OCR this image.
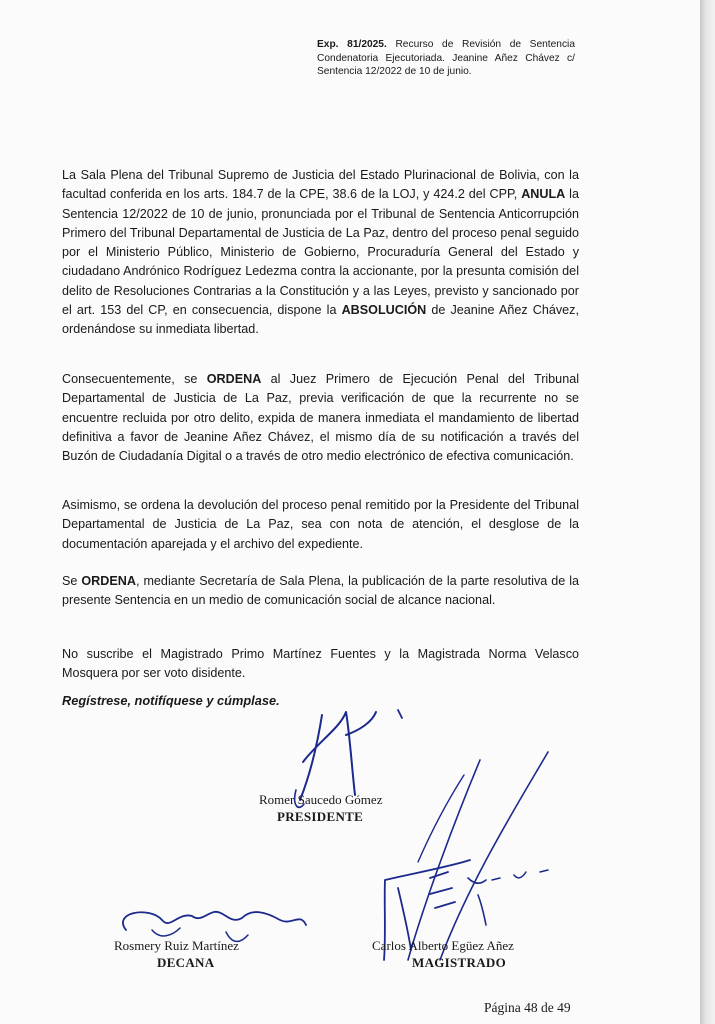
Exp. 81/2025. Recurso de Revisión de Sentencia Condenatoria Ejecutoriada. Jeanine Añez Chávez c/ Sentencia 12/2022 de 10 de junio.
La Sala Plena del Tribunal Supremo de Justicia del Estado Plurinacional de Bolivia, con la facultad conferida en los arts. 184.7 de la CPE, 38.6 de la LOJ, y 424.2 del CPP, ANULA la Sentencia 12/2022 de 10 de junio, pronunciada por el Tribunal de Sentencia Anticorrupción Primero del Tribunal Departamental de Justicia de La Paz, dentro del proceso penal seguido por el Ministerio Público, Ministerio de Gobierno, Procuraduría General del Estado y ciudadano Andrónico Rodríguez Ledezma contra la accionante, por la presunta comisión del delito de Resoluciones Contrarias a la Constitución y a las Leyes, previsto y sancionado por el art. 153 del CP, en consecuencia, dispone la ABSOLUCIÓN de Jeanine Añez Chávez, ordenándose su inmediata libertad.
Consecuentemente, se ORDENA al Juez Primero de Ejecución Penal del Tribunal Departamental de Justicia de La Paz, previa verificación de que la recurrente no se encuentre recluida por otro delito, expida de manera inmediata el mandamiento de libertad definitiva a favor de Jeanine Añez Chávez, el mismo día de su notificación a través del Buzón de Ciudadanía Digital o a través de otro medio electrónico de efectiva comunicación.
Asimismo, se ordena la devolución del proceso penal remitido por la Presidente del Tribunal Departamental de Justicia de La Paz, sea con nota de atención, el desglose de la documentación aparejada y el archivo del expediente.
Se ORDENA, mediante Secretaría de Sala Plena, la publicación de la parte resolutiva de la presente Sentencia en un medio de comunicación social de alcance nacional.
No suscribe el Magistrado Primo Martínez Fuentes y la Magistrada Norma Velasco Mosquera por ser voto disidente.
Regístrese, notifíquese y cúmplase.
Romer Saucedo Gómez
PRESIDENTE
Rosmery Ruiz Martínez
DECANA
Carlos Alberto Egüez Añez
MAGISTRADO
Página 48 de 49
